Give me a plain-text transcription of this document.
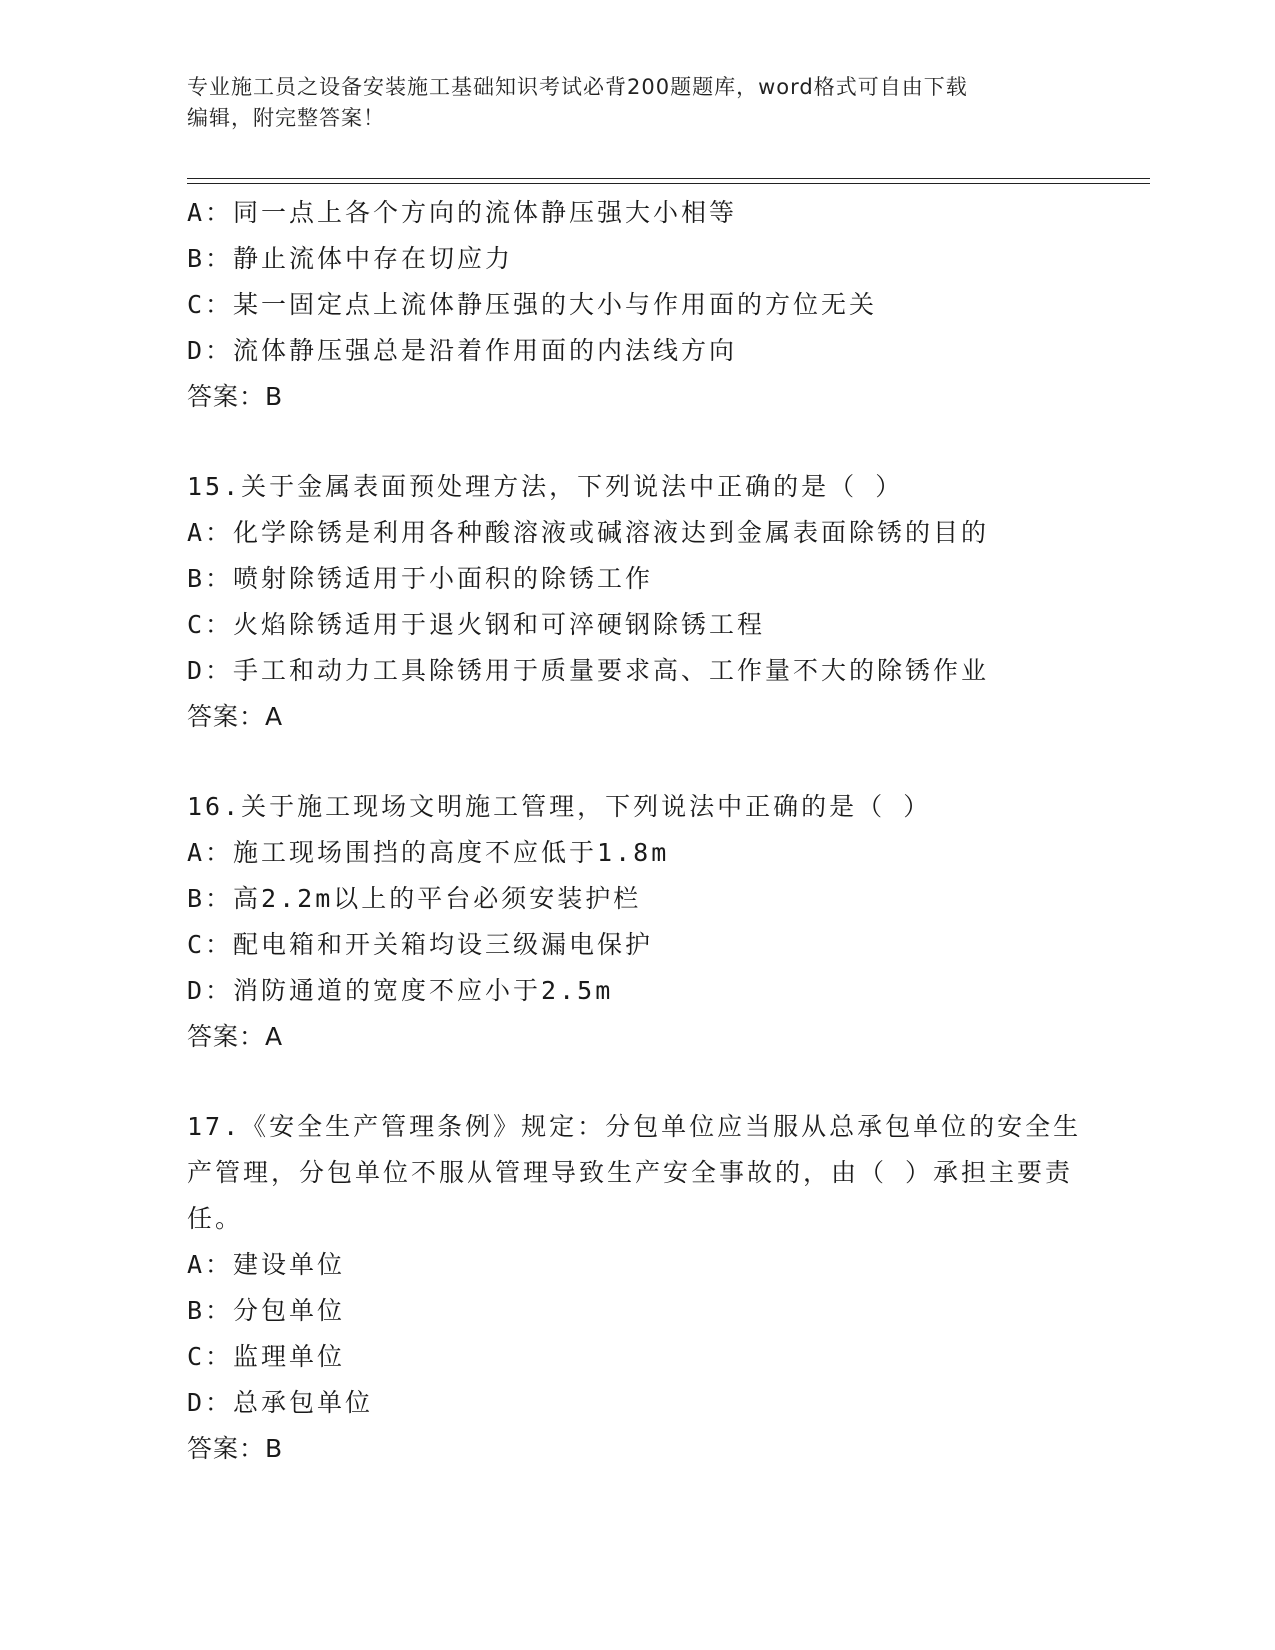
专业施工员之设备安装施工基础知识考试必背200题题库，word格式可自由下载
编辑，附完整答案！
A：同一点上各个方向的流体静压强大小相等
B：静止流体中存在切应力
C：某一固定点上流体静压强的大小与作用面的方位无关
D：流体静压强总是沿着作用面的内法线方向
答案：B
15.关于金属表面预处理方法，下列说法中正确的是（ ）
A：化学除锈是利用各种酸溶液或碱溶液达到金属表面除锈的目的
B：喷射除锈适用于小面积的除锈工作
C：火焰除锈适用于退火钢和可淬硬钢除锈工程
D：手工和动力工具除锈用于质量要求高、工作量不大的除锈作业
答案：A
16.关于施工现场文明施工管理，下列说法中正确的是（ ）
A：施工现场围挡的高度不应低于1.8m
B：高2.2m以上的平台必须安装护栏
C：配电箱和开关箱均设三级漏电保护
D：消防通道的宽度不应小于2.5m
答案：A
17.《安全生产管理条例》规定：分包单位应当服从总承包单位的安全生产管理，分包单位不服从管理导致生产安全事故的，由（ ）承担主要责任。
A：建设单位
B：分包单位
C：监理单位
D：总承包单位
答案：B
